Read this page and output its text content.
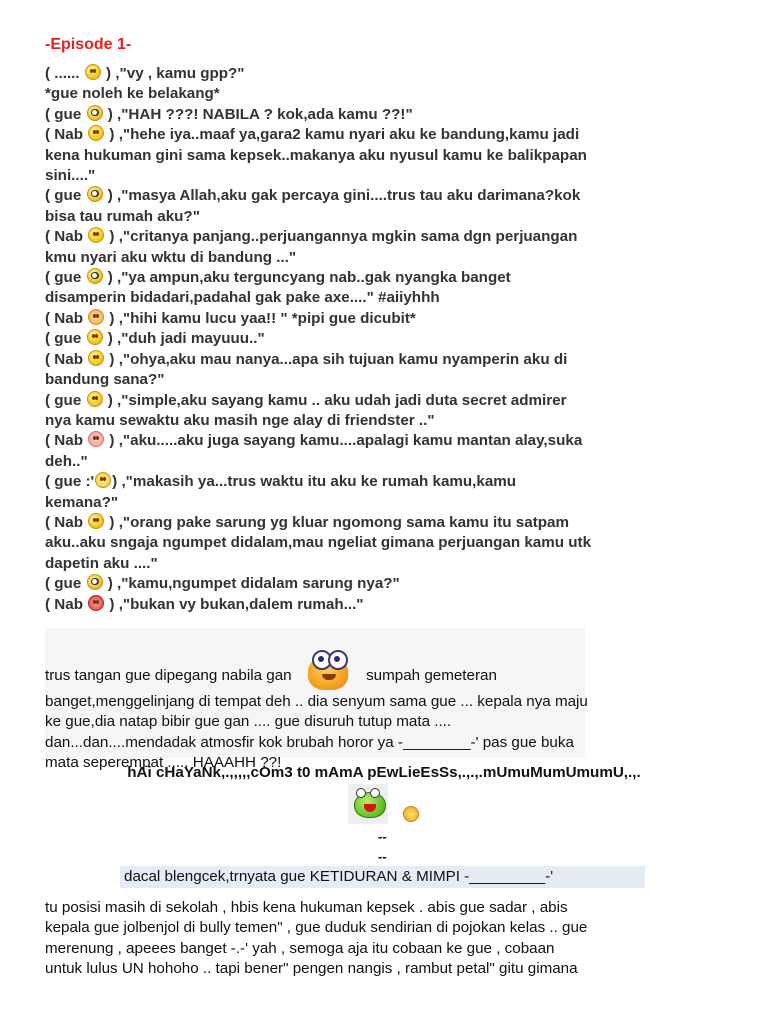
-Episode 1-
( ......  ) ,"vy , kamu gpp?"
*gue noleh ke belakang*
( gue  ) ,"HAH ???! NABILA ? kok,ada kamu ??!"
( Nab  ) ,"hehe iya..maaf ya,gara2 kamu nyari aku ke bandung,kamu jadi
kena hukuman gini sama kepsek..makanya aku nyusul kamu ke balikpapan
sini...."
( gue  ) ,"masya Allah,aku gak percaya gini....trus tau aku darimana?kok
bisa tau rumah aku?"
( Nab  ) ,"critanya panjang..perjuangannya mgkin sama dgn perjuangan
kmu nyari aku wktu di bandung ..."
( gue  ) ,"ya ampun,aku terguncyang nab..gak nyangka banget
disamperin bidadari,padahal gak pake axe...." #aiiyhhh
( Nab  ) ,"hihi kamu lucu yaa!! " *pipi gue dicubit*
( gue  ) ,"duh jadi mayuuu.."
( Nab  ) ,"ohya,aku mau nanya...apa sih tujuan kamu nyamperin aku di
bandung sana?"
( gue  ) ,"simple,aku sayang kamu .. aku udah jadi duta secret admirer
nya kamu sewaktu aku masih nge alay di friendster .."
( Nab  ) ,"aku.....aku juga sayang kamu....apalagi kamu mantan alay,suka
deh.."
( gue :' ) ,"makasih ya...trus waktu itu aku ke rumah kamu,kamu
kemana?"
( Nab  ) ,"orang pake sarung yg kluar ngomong sama kamu itu satpam
aku..aku sngaja ngumpet didalam,mau ngeliat gimana perjuangan kamu utk
dapetin aku ...."
( gue  ) ,"kamu,ngumpet didalam sarung nya?"
( Nab  ) ,"bukan vy bukan,dalem rumah..."
trus tangan gue dipegang nabila gan	sumpah gemeteran
banget,menggelinjang di tempat deh .. dia senyum sama gue ... kepala nya maju
ke gue,dia natap bibir gue gan .... gue disuruh tutup mata ....
dan...dan....mendadak atmosfir kok brubah horor ya -________-' pas gue buka
mata seperempat ..... HAAAHH ??!
hAi cHaYaNk,.,,,,,cOm3 t0 mAmA pEwLieEsSs,.,.,.mUmuMumUmumU,.,.
--
--
dacal blengcek,trnyata gue KETIDURAN & MIMPI -_________-'
tu posisi masih di sekolah , hbis kena hukuman kepsek . abis gue sadar , abis
kepala gue jolbenjol di bully temen" , gue duduk sendirian di pojokan kelas .. gue
merenung , apeees banget -.-' yah , semoga aja itu cobaan ke gue , cobaan
untuk lulus UN hohoho .. tapi bener" pengen nangis , rambut petal" gitu gimana
